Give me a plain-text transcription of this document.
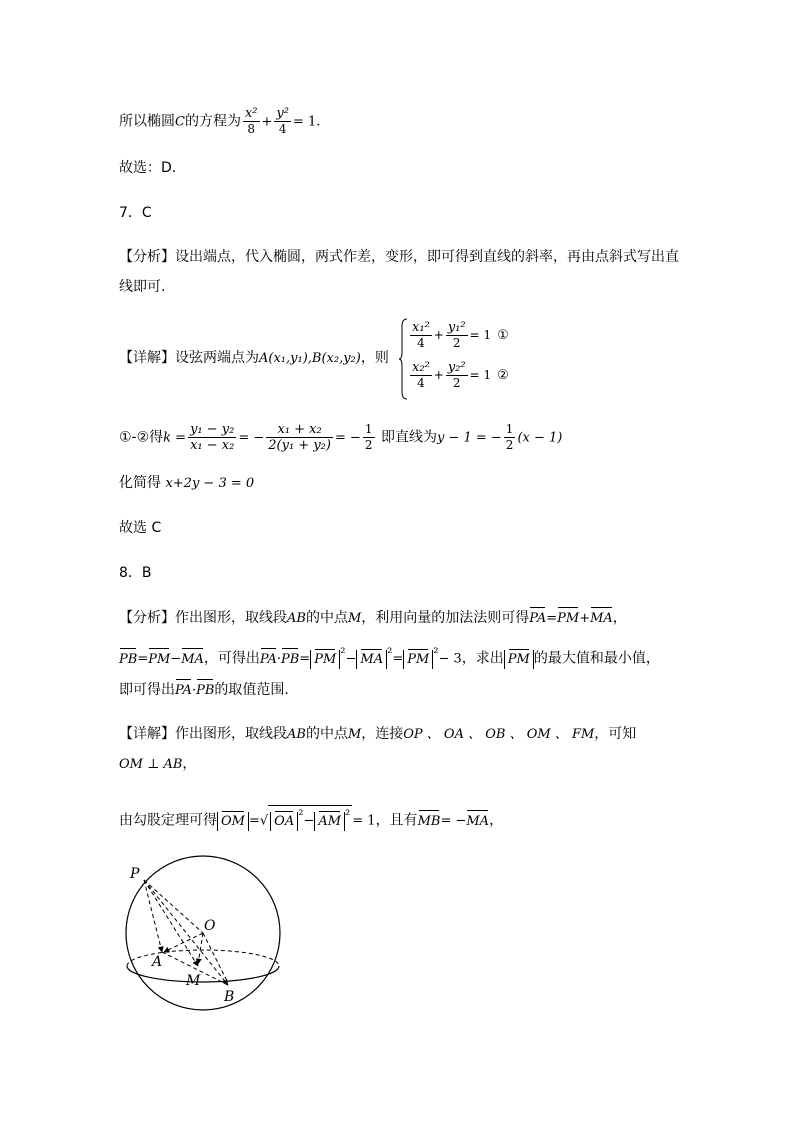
所以椭圆C的方程为 $\frac{\text{x²}}{8} + \frac{\text{y²}}{4} = 1$.
故选：D.
7．C
【分析】设出端点，代入椭圆，两式作差，变形，即可得到直线的斜率，再由点斜式写出直
线即可.
【详解】设弦两端点为A(x₁,y₁),B(x₂,y₂)，则
$\frac{\text{x₁²}}{4} + \frac{\text{y₁²}}{2} = 1$ ①
$\frac{\text{x₂²}}{4} + \frac{\text{y₂²}}{2} = 1$ ②
①-②得$k = \frac{\text{y₁ − y₂}}{\text{x₁ − x₂}}$ = − $\frac{\text{x₁ + x₂}}{\text{2(y₁ + y₂)}}$ = − $\frac{1}{2}$ 即直线为y − 1 = − $\frac{1}{2} (x - 1)$
化简得 x+2y − 3 = 0
故选 C
8．B
【分析】作出图形，取线段AB的中点M，利用向量的加法法则可得PA=PM+MA，
PB=PM−MA，可得出PA·PB= PM $^{^2}$− MA $^{^2}$= PM $^{^2}$− 3，求出 PM 的最大值和最小值，
即可得出PA·PB的取值范围.
【详解】作出图形，取线段AB的中点M，连接OP 、 OA 、 OB 、 OM 、 FM，可知
OM ⊥ AB，
由勾股定理可得 OM =√ OA $^{^2}$− AM $^{^2}$ = 1，且有MB= −MA，
P
O
A
M
B
